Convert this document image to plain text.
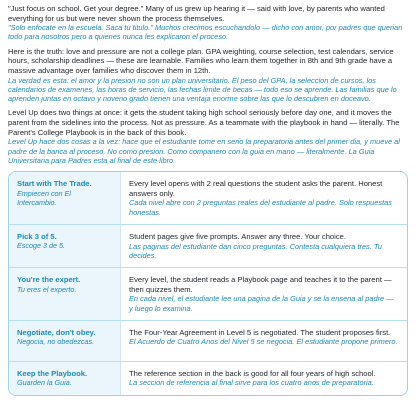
"Just focus on school. Get your degree." Many of us grew up hearing it — said with love, by parents who wanted everything for us but were never shown the process themselves.
"Solo enfocate en la escuela. Saca tu titulo." Muchos crecimos escuchandolo — dicho con amor, por padres que querian todo para nosotros pero a quienes nunca les explicaron el proceso.
Here is the truth: love and pressure are not a college plan. GPA weighting, course selection, test calendars, service hours, scholarship deadlines — these are learnable. Families who learn them together in 8th and 9th grade have a massive advantage over families who discover them in 12th.
La verdad es esta: el amor y la presion no son un plan universitario. El peso del GPA, la seleccion de cursos, los calendarios de examenes, las horas de servicio, las fechas limite de becas — todo eso se aprende. Las familias que lo aprenden juntas en octavo y noveno grado tienen una ventaja enorme sobre las que lo descubren en doceavo.
Level Up does two things at once: it gets the student taking high school seriously before day one, and it moves the parent from the sidelines into the process. Not as pressure. As a teammate with the playbook in hand — literally. The Parent's College Playbook is in the back of this book.
Level Up hace dos cosas a la vez: hace que el estudiante tome en serio la preparatoria antes del primer dia, y mueve al padre de la banca al proceso. No como presion. Como companero con la guia en mano — literalmente. La Guia Universitaria para Padres esta al final de este libro.
Start with The Trade.
Empiecen con El Intercambio.
Every level opens with 2 real questions the student asks the parent. Honest answers only.
Cada nivel abre con 2 preguntas reales del estudiante al padre. Solo respuestas honestas.
Pick 3 of 5.
Escoge 3 de 5.
Student pages give five prompts. Answer any three. Your choice.
Las paginas del estudiante dan cinco preguntas. Contesta cualquiera tres. Tu decides.
You're the expert.
Tu eres el experto.
Every level, the student reads a Playbook page and teaches it to the parent — then quizzes them.
En cada nivel, el estudiante lee una pagina de la Guia y se la ensena al padre — y luego lo examina.
Negotiate, don't obey.
Negocia, no obedezcas.
The Four-Year Agreement in Level 5 is negotiated. The student proposes first.
El Acuerdo de Cuatro Anos del Nivel 5 se negocia. El estudiante propone primero.
Keep the Playbook.
Guarden la Guia.
The reference section in the back is good for all four years of high school.
La seccion de referencia al final sirve para los cuatro anos de preparatoria.
